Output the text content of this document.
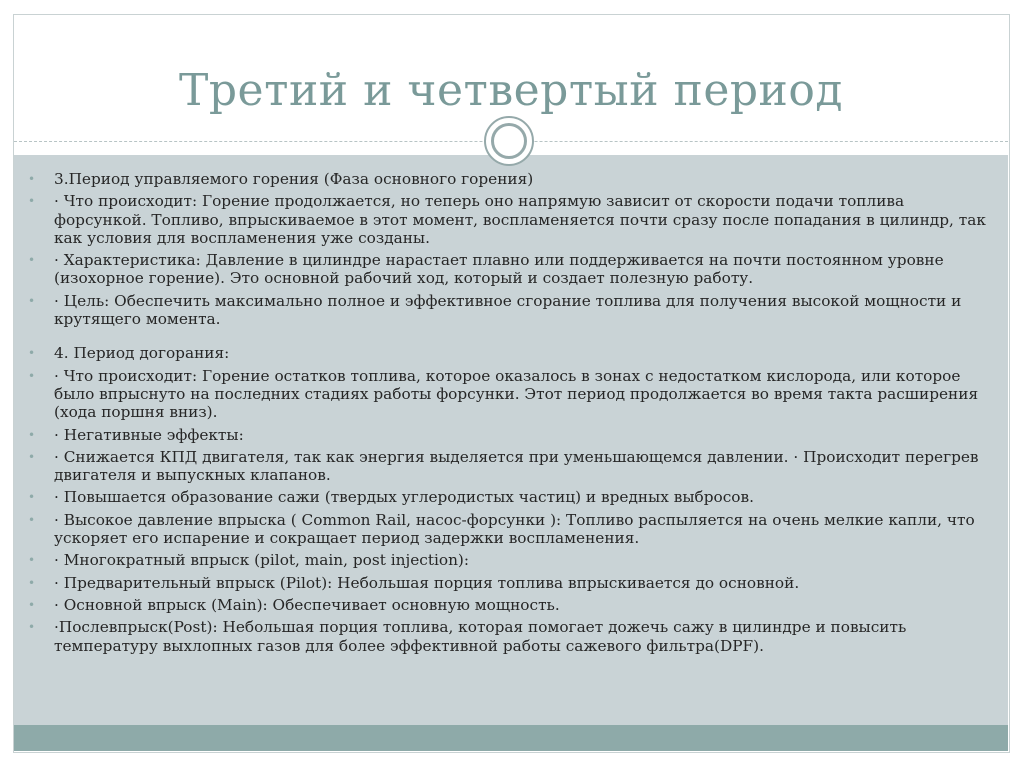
Третий и четвертый период
• 3.Период управляемого горения (Фаза основного горения)
• · Что происходит: Горение продолжается, но теперь оно напрямую зависит от скорости подачи топлива форсункой. Топливо, впрыскиваемое в этот момент, воспламеняется почти сразу после попадания в цилиндр, так как условия для воспламенения уже созданы.
• · Характеристика: Давление в цилиндре нарастает плавно или поддерживается на почти постоянном уровне (изохорное горение). Это основной рабочий ход, который и создает полезную работу.
• · Цель: Обеспечить максимально полное и эффективное сгорание топлива для получения высокой мощности и крутящего момента.
• 4. Период догорания:
• · Что происходит: Горение остатков топлива, которое оказалось в зонах с недостатком кислорода, или которое было впрыснуто на последних стадиях работы форсунки. Этот период продолжается во время такта расширения (хода поршня вниз).
• · Негативные эффекты:
• · Снижается КПД двигателя, так как энергия выделяется при уменьшающемся давлении. · Происходит перегрев двигателя и выпускных клапанов.
• · Повышается образование сажи (твердых углеродистых частиц) и вредных выбросов.
• · Высокое давление впрыска ( Common Rail, насос-форсунки ): Топливо распыляется на очень мелкие капли, что ускоряет его испарение и сокращает период задержки воспламенения.
• · Многократный впрыск (pilot, main, post injection):
• · Предварительный впрыск (Pilot): Небольшая порция топлива впрыскивается до основной.
• · Основной впрыск (Main): Обеспечивает основную мощность.
• ·Послевпрыск(Post): Небольшая порция топлива, которая помогает дожечь сажу в цилиндре и повысить температуру выхлопных газов для более эффективной работы сажевого фильтра(DPF).
